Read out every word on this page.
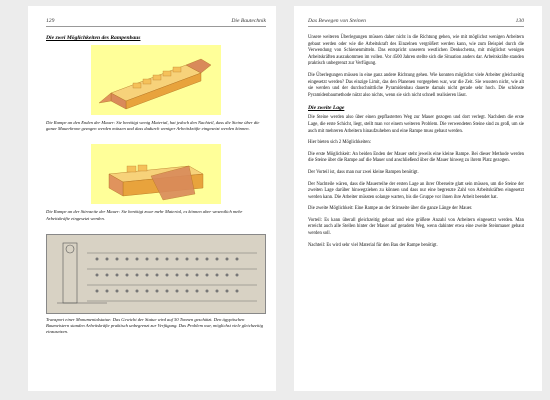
129	Die Bautechnik
Die zwei Möglichkeiten des Rampenbaus
Die Rampe an den Enden der Mauer: Sie benötigt wenig Material, hat jedoch den Nachteil, dass die Steine über die ganze Mauerkrone gezogen werden müssen und dass dadurch weniger Arbeitskräfte eingesetzt werden können.
Die Rampe an der Stirnseite der Mauer: Sie benötigt zwar mehr Material, es können aber wesentlich mehr Arbeitskräfte eingesetzt werden.
Transport einer Monumentalstatue: Das Gewicht der Statue wird auf 50 Tonnen geschätzt. Den ägyptischen Baumeistern standen Arbeitskräfte praktisch unbegrenzt zur Verfügung. Das Problem war, möglichst viele gleichzeitig einzusetzen.
Das Bewegen von Steinen	130

Unsere weiteren Überlegungen müssen daher nicht in die Richtung gehen, wie mit möglichst wenigen Arbeitern gebaut werden oder wie die Arbeitskraft des Einzelnen vergrößert werden kann, wie zum Beispiel durch die Verwendung von Schienenmitteln. Das entspricht unserem westlichen Denkschema, mit möglichst wenigen Arbeitskräften auszukommen im vollen. Vor 4500 Jahren stellte sich die Situation anders dar. Arbeitskräfte standen praktisch unbegrenzt zur Verfügung.

Die Überlegungen müssen in eine ganz andere Richtung gehen. Wie konnten möglichst viele Arbeiter gleichzeitig eingesetzt werden? Das einzige Limit, das den Planenen vorgegeben war, war die Zeit. Sie wussten nicht, wie alt sie werden und der durchschnittliche Pyramidenbau dauerte damals nicht gerade sehr hoch. Die schönste Pyramidenbaumethode nützt also nichts, wenn sie sich nicht schnell realisieren lässt.

Die zweite Lage

Die Steine werden also über einen gepflasterten Weg zur Mauer gezogen und dort verlegt. Nachdem die erste Lage, die erste Schicht, liegt, stellt man vor einem weiteren Problem. Die verwendeten Steine sind zu groß, um sie auch mit mehreren Arbeitern hinaufzuheben und eine Rampe muss gebaut werden.

Hier bieten sich 2 Möglichkeiten:

Die erste Möglichkeit: An beiden Enden der Mauer steht jeweils eine kleine Rampe. Bei dieser Methode werden die Steine über die Rampe auf die Mauer und anschließend über die Mauer hinweg zu ihrem Platz gezogen.

Der Vorteil ist, dass man nur zwei kleine Rampen benötigt.

Der Nachteile wären, dass die Mauerreihe der ersten Lage an ihrer Oberseite glatt sein müssen, um die Steine der zweiten Lage darüber hinwegziehen zu können und dass nur eine begrenzte Zahl von Arbeitskräften eingesetzt werden kann. Die Arbeiter müssten solange warten, bis die Gruppe vor ihnen ihre Arbeit beendet hat.

Die zweite Möglichkeit: Eine Rampe an der Stirnseite über die ganze Länge der Mauer.

Vorteil: Es kann überall gleichzeitig gebaut und eine größere Anzahl von Arbeitern eingesetzt werden. Man erreicht auch alle Stellen hinter der Mauer auf geradem Weg, wenn dahinter etwa eine zweite Steinmauer gebaut werden soll.

Nachteil: Es wird sehr viel Material für den Bau der Rampe benötigt.
